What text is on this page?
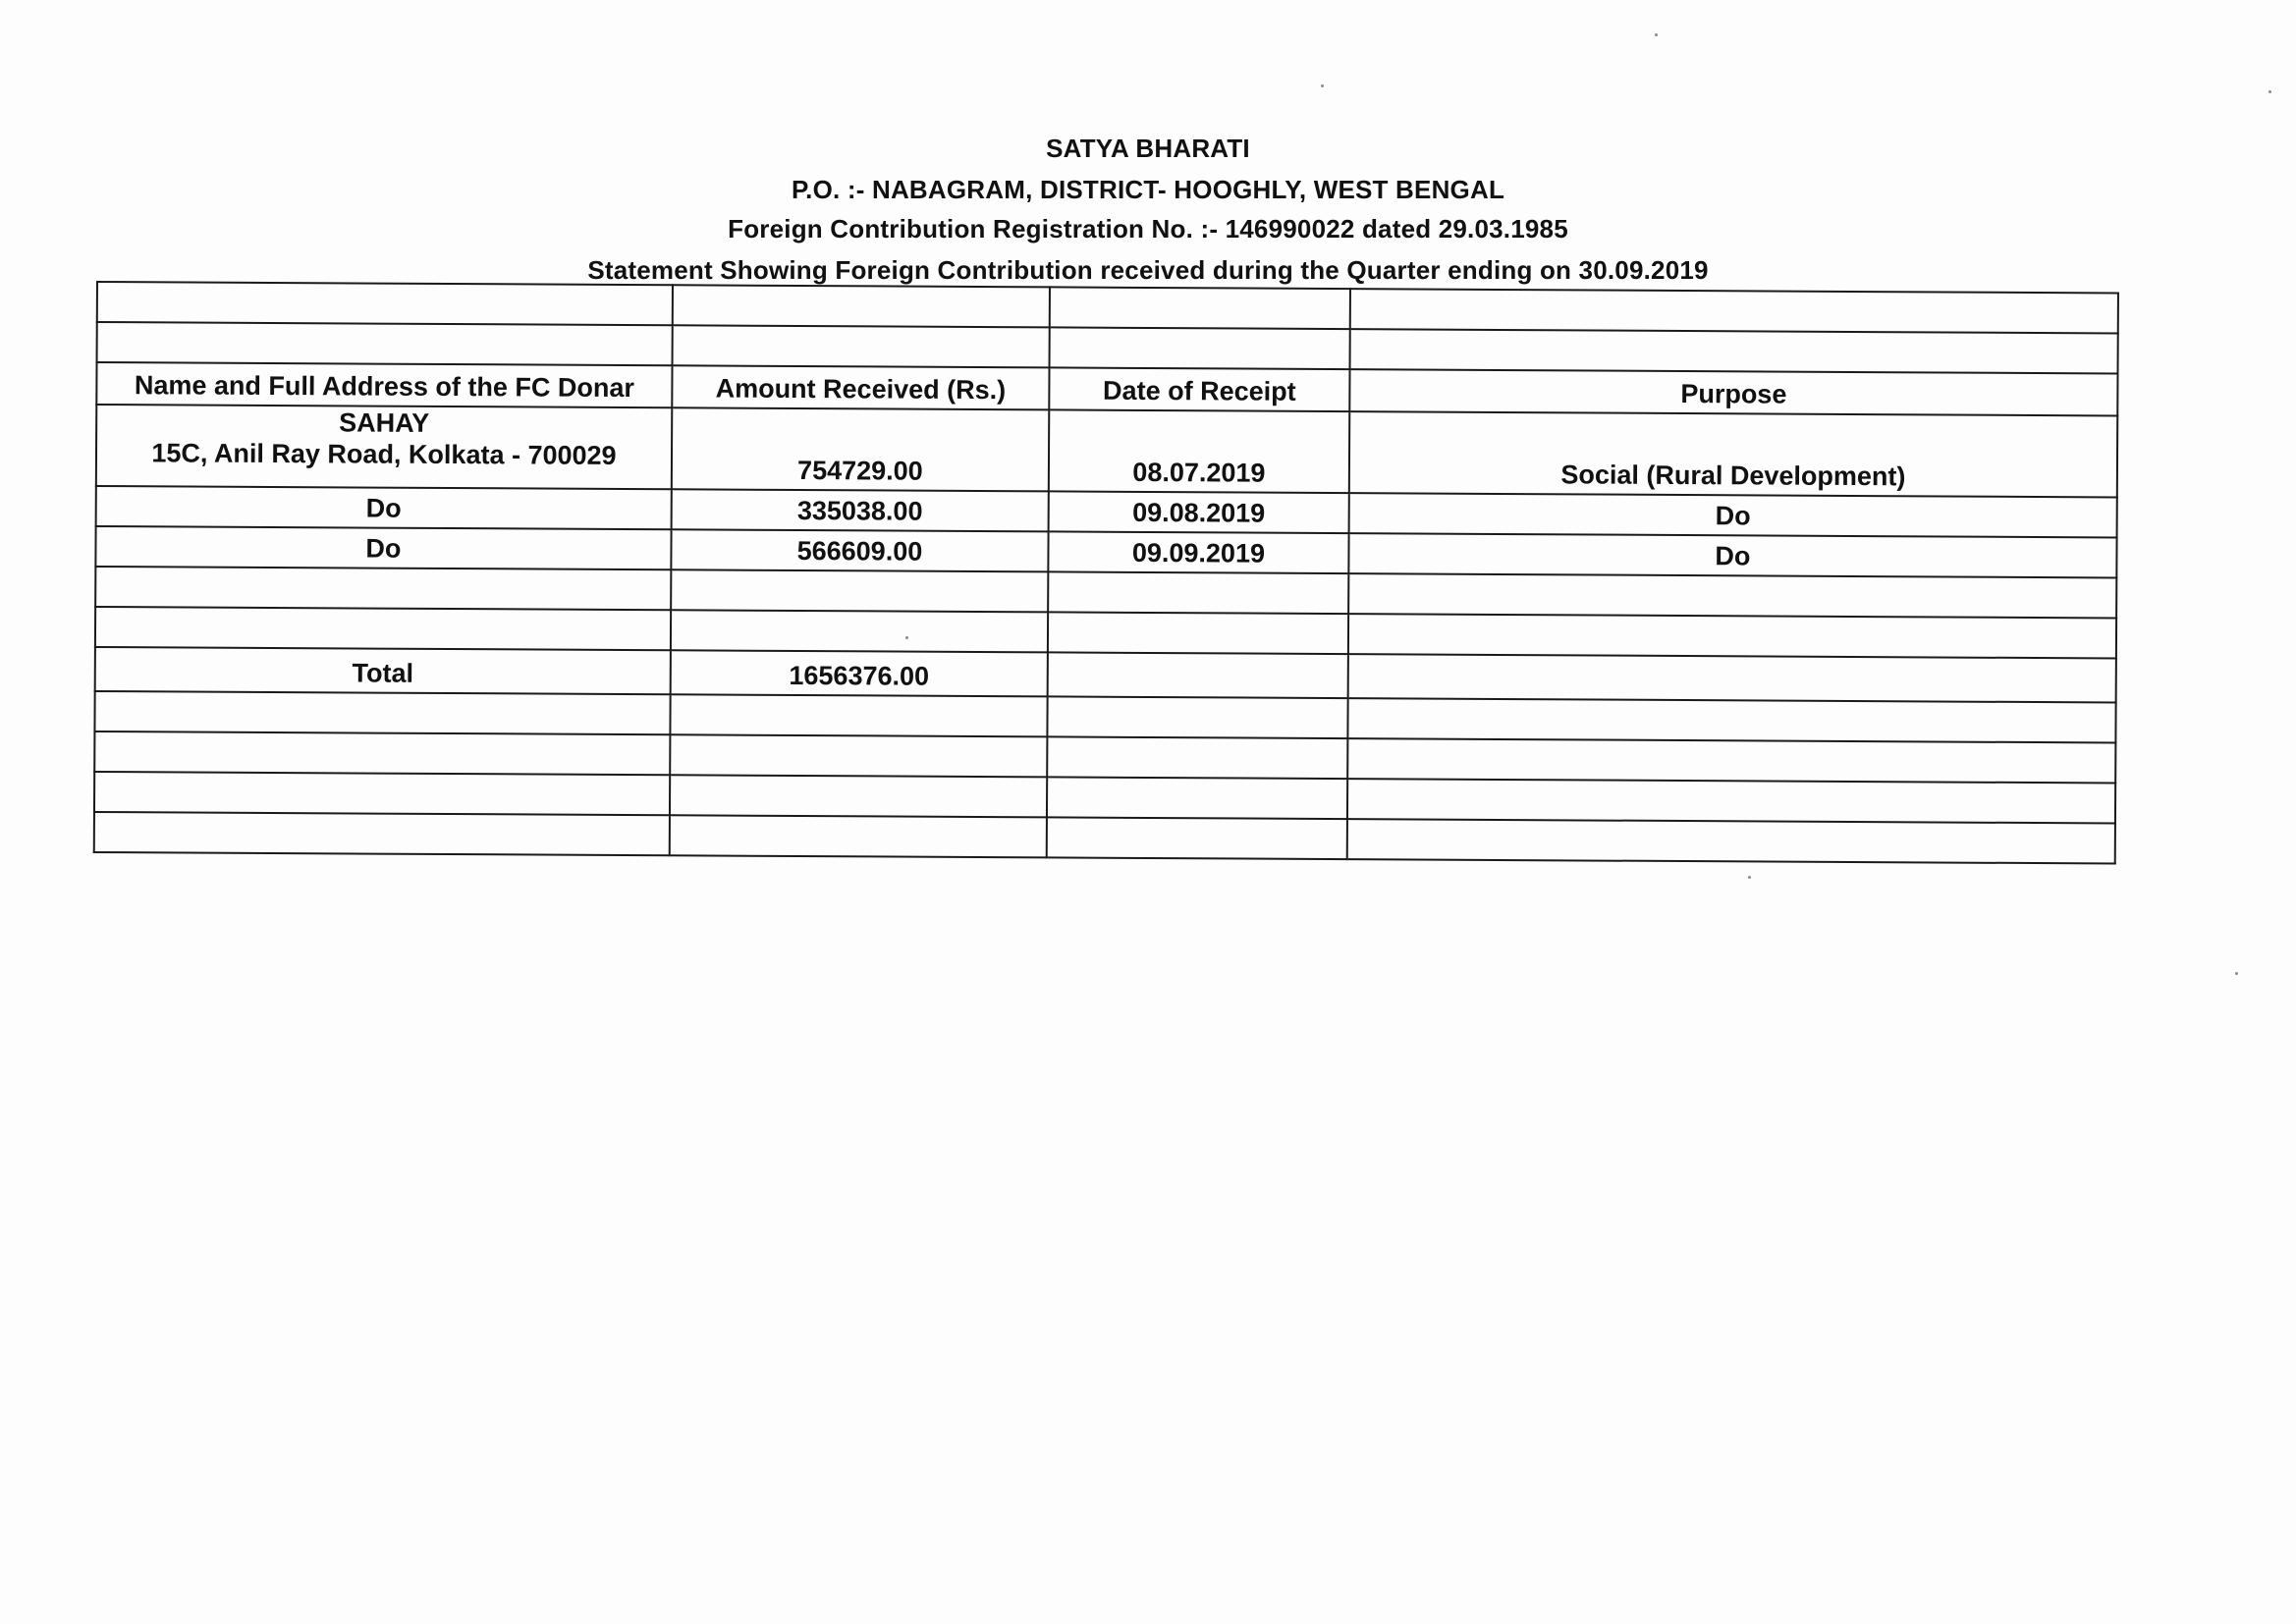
SATYA BHARATI
P.O. :- NABAGRAM, DISTRICT- HOOGHLY, WEST BENGAL
Foreign Contribution Registration No. :- 146990022 dated 29.03.1985
Statement Showing Foreign Contribution received during the Quarter ending on 30.09.2019

Name and Full Address of the FC Donar	Amount Received (Rs.)	Date of Receipt	Purpose

SAHAY
15C, Anil Ray Road, Kolkata - 700029	754729.00	08.07.2019	Social (Rural Development)
Do	335038.00	09.08.2019	Do
Do	566609.00	09.09.2019	Do

Total	1656376.00		
